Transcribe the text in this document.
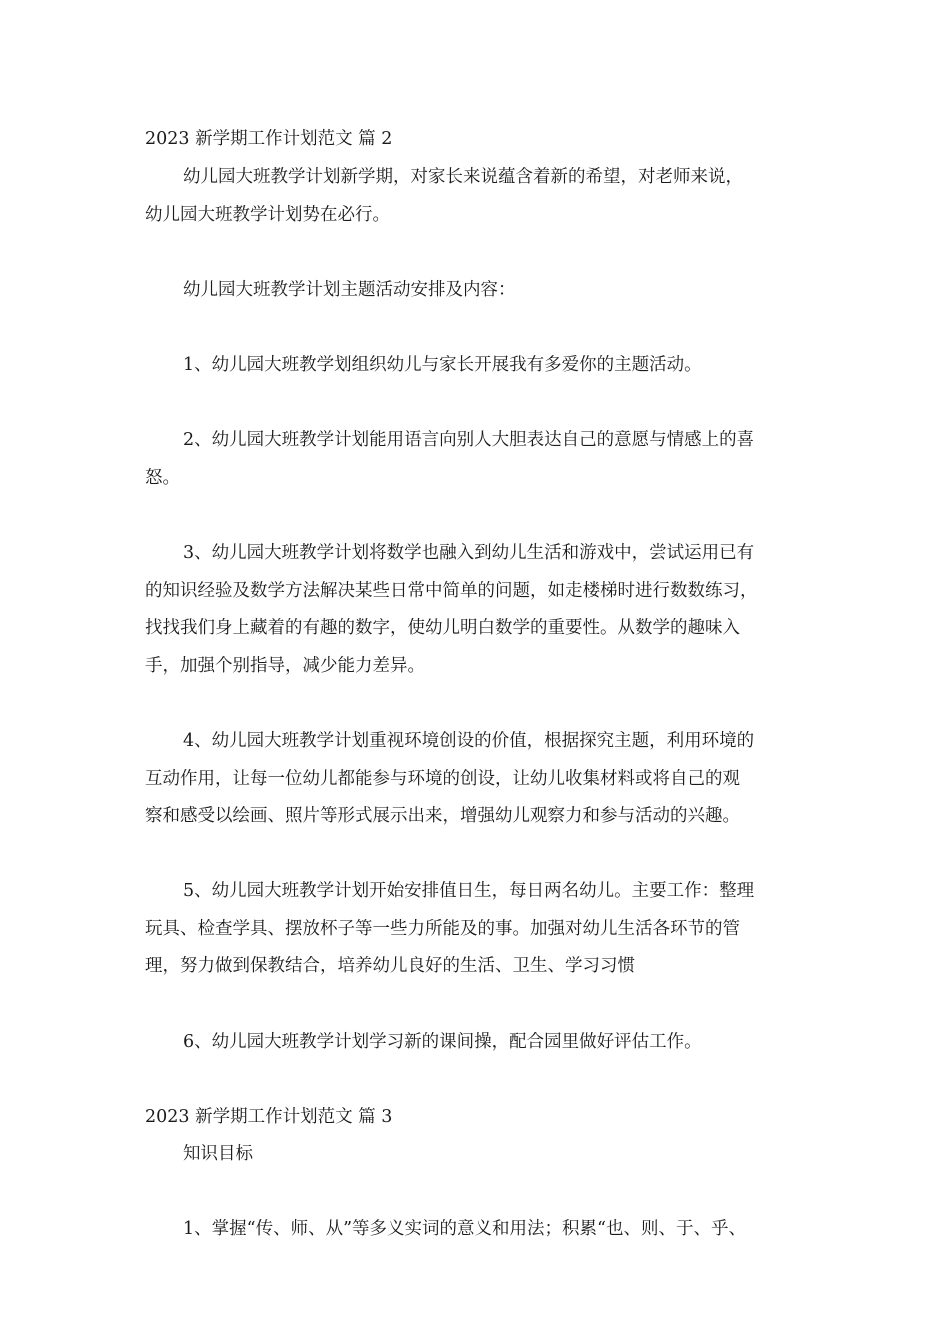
2023 新学期工作计划范文 篇 2
幼儿园大班教学计划新学期，对家长来说蕴含着新的希望，对老师来说，
幼儿园大班教学计划势在必行。
幼儿园大班教学计划主题活动安排及内容：
1、幼儿园大班教学划组织幼儿与家长开展我有多爱你的主题活动。
2、幼儿园大班教学计划能用语言向别人大胆表达自己的意愿与情感上的喜
怒。
3、幼儿园大班教学计划将数学也融入到幼儿生活和游戏中，尝试运用已有
的知识经验及数学方法解决某些日常中简单的问题，如走楼梯时进行数数练习，
找找我们身上藏着的有趣的数字，使幼儿明白数学的重要性。从数学的趣味入
手，加强个别指导，减少能力差异。
4、幼儿园大班教学计划重视环境创设的价值，根据探究主题，利用环境的
互动作用，让每一位幼儿都能参与环境的创设，让幼儿收集材料或将自己的观
察和感受以绘画、照片等形式展示出来，增强幼儿观察力和参与活动的兴趣。
5、幼儿园大班教学计划开始安排值日生，每日两名幼儿。主要工作：整理
玩具、检查学具、摆放杯子等一些力所能及的事。加强对幼儿生活各环节的管
理，努力做到保教结合，培养幼儿良好的生活、卫生、学习习惯
6、幼儿园大班教学计划学习新的课间操，配合园里做好评估工作。
2023 新学期工作计划范文 篇 3
知识目标
1、掌握“传、师、从”等多义实词的意义和用法；积累“也、则、于、乎、
